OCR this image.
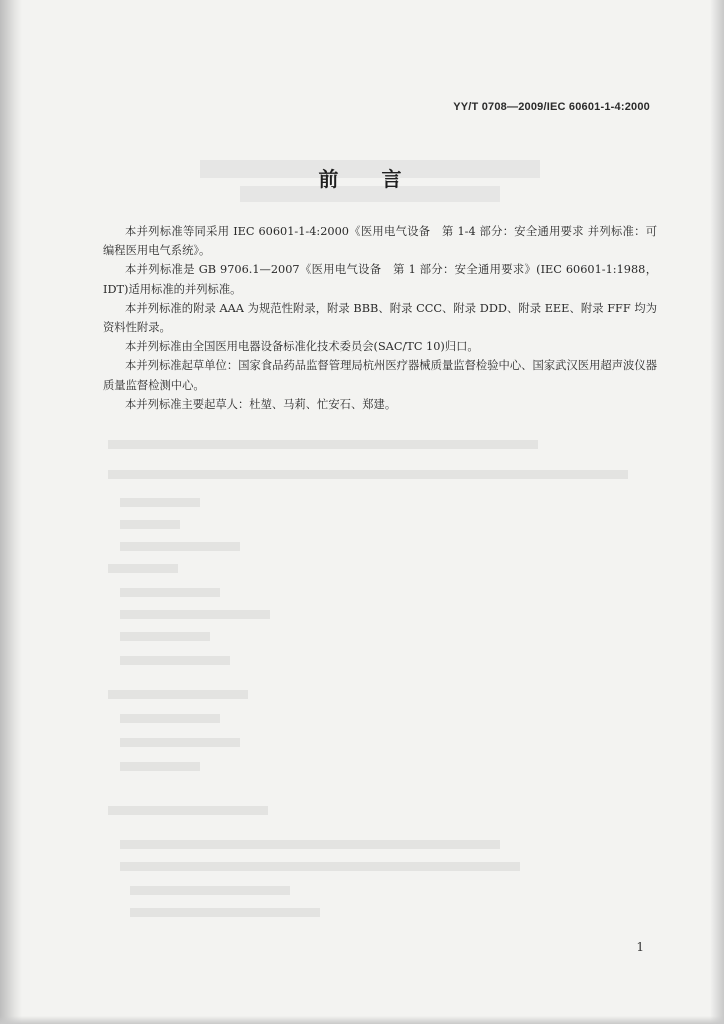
YY/T 0708—2009/IEC 60601-1-4:2000
前 言

本并列标准等同采用 IEC 60601-1-4:2000《医用电气设备　第 1-4 部分：安全通用要求 并列标准：可编程医用电气系统》。

本并列标准是 GB 9706.1—2007《医用电气设备　第 1 部分：安全通用要求》(IEC 60601-1:1988，IDT)适用标准的并列标准。

本并列标准的附录 AAA 为规范性附录，附录 BBB、附录 CCC、附录 DDD、附录 EEE、附录 FFF 均为资料性附录。

本并列标准由全国医用电器设备标准化技术委员会(SAC/TC 10)归口。

本并列标准起草单位：国家食品药品监督管理局杭州医疗器械质量监督检验中心、国家武汉医用超声波仪器质量监督检测中心。

本并列标准主要起草人：杜堃、马莉、忙安石、郑建。

1
